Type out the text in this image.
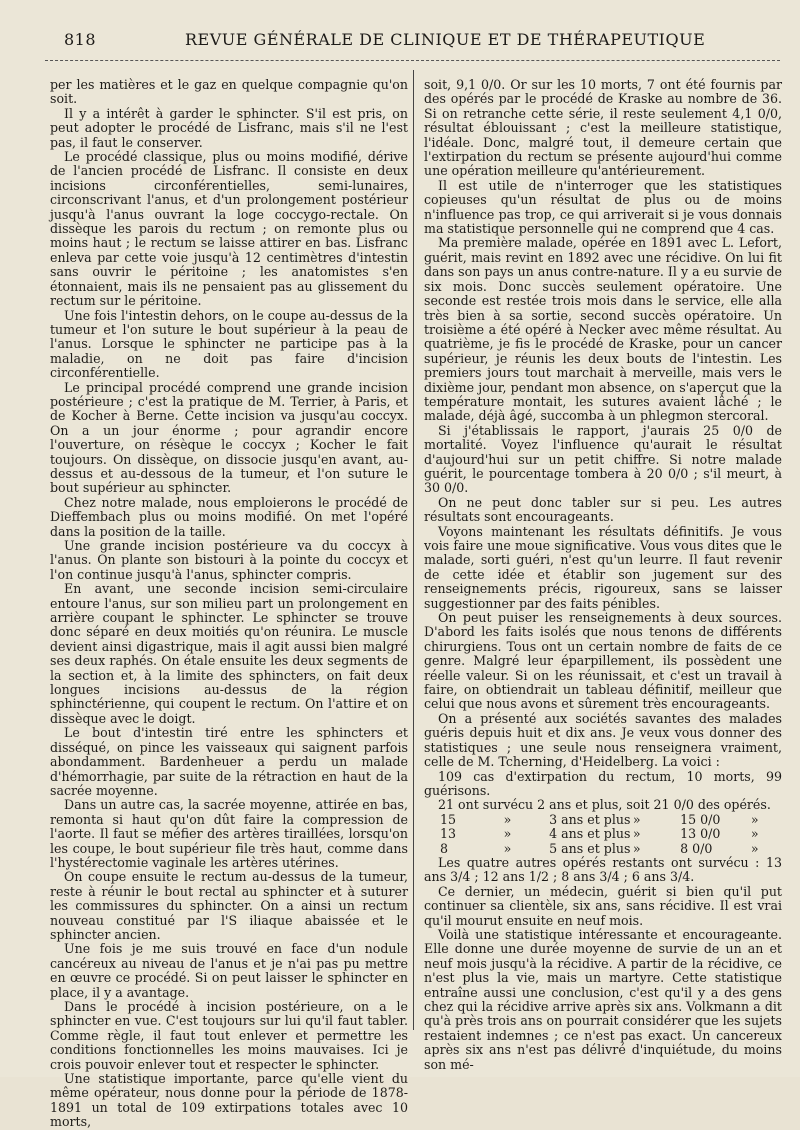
818	REVUE GÉNÉRALE DE CLINIQUE ET DE THÉRAPEUTIQUE

per les matières et le gaz en quelque compagnie qu'on soit.

Il y a intérêt à garder le sphincter. S'il est pris, on peut adopter le procédé de Lisfranc, mais s'il ne l'est pas, il faut le conserver.

Le procédé classique, plus ou moins modifié, dérive de l'ancien procédé de Lisfranc. Il consiste en deux incisions circonférentielles, semi-lunaires, circonscrivant l'anus, et d'un prolongement postérieur jusqu'à l'anus ouvrant la loge coccygo-rectale. On dissèque les parois du rectum ; on remonte plus ou moins haut ; le rectum se laisse attirer en bas. Lisfranc enleva par cette voie jusqu'à 12 centimètres d'intestin sans ouvrir le péritoine ; les anatomistes s'en étonnaient, mais ils ne pensaient pas au glissement du rectum sur le péritoine.

Une fois l'intestin dehors, on le coupe au-dessus de la tumeur et l'on suture le bout supérieur à la peau de l'anus. Lorsque le sphincter ne participe pas à la maladie, on ne doit pas faire d'incision circonférentielle.

Le principal procédé comprend une grande incision postérieure ; c'est la pratique de M. Terrier, à Paris, et de Kocher à Berne. Cette incision va jusqu'au coccyx. On a un jour énorme ; pour agrandir encore l'ouverture, on résèque le coccyx ; Kocher le fait toujours. On dissèque, on dissocie jusqu'en avant, au-dessus et au-dessous de la tumeur, et l'on suture le bout supérieur au sphincter.

Chez notre malade, nous emploierons le procédé de Dieffembach plus ou moins modifié. On met l'opéré dans la position de la taille.

Une grande incision postérieure va du coccyx à l'anus. On plante son bistouri à la pointe du coccyx et l'on continue jusqu'à l'anus, sphincter compris.

En avant, une seconde incision semi-circulaire entoure l'anus, sur son milieu part un prolongement en arrière coupant le sphincter. Le sphincter se trouve donc séparé en deux moitiés qu'on réunira. Le muscle devient ainsi digastrique, mais il agit aussi bien malgré ses deux raphés. On étale ensuite les deux segments de la section et, à la limite des sphincters, on fait deux longues incisions au-dessus de la région sphinctérienne, qui coupent le rectum. On l'attire et on dissèque avec le doigt.

Le bout d'intestin tiré entre les sphincters et disséqué, on pince les vaisseaux qui saignent parfois abondamment. Bardenheuer a perdu un malade d'hémorrhagie, par suite de la rétraction en haut de la sacrée moyenne.

Dans un autre cas, la sacrée moyenne, attirée en bas, remonta si haut qu'on dût faire la compression de l'aorte. Il faut se méfier des artères tiraillées, lorsqu'on les coupe, le bout supérieur file très haut, comme dans l'hystérectomie vaginale les artères utérines.

On coupe ensuite le rectum au-dessus de la tumeur, reste à réunir le bout rectal au sphincter et à suturer les commissures du sphincter. On a ainsi un rectum nouveau constitué par l'S iliaque abaissée et le sphincter ancien.

Une fois je me suis trouvé en face d'un nodule cancéreux au niveau de l'anus et je n'ai pas pu mettre en œuvre ce procédé. Si on peut laisser le sphincter en place, il y a avantage.

Dans le procédé à incision postérieure, on a le sphincter en vue. C'est toujours sur lui qu'il faut tabler. Comme règle, il faut tout enlever et permettre les conditions fonctionnelles les moins mauvaises. Ici je crois pouvoir enlever tout et respecter le sphincter.

Une statistique importante, parce qu'elle vient du même opérateur, nous donne pour la période de 1878-1891 un total de 109 extirpations totales avec 10 morts,

soit, 9,1 0/0. Or sur les 10 morts, 7 ont été fournis par des opérés par le procédé de Kraske au nombre de 36. Si on retranche cette série, il reste seulement 4,1 0/0, résultat éblouissant ; c'est la meilleure statistique, l'idéale. Donc, malgré tout, il demeure certain que l'extirpation du rectum se présente aujourd'hui comme une opération meilleure qu'antérieurement.

Il est utile de n'interroger que les statistiques copieuses qu'un résultat de plus ou de moins n'influence pas trop, ce qui arriverait si je vous donnais ma statistique personnelle qui ne comprend que 4 cas.

Ma première malade, opérée en 1891 avec L. Lefort, guérit, mais revint en 1892 avec une récidive. On lui fit dans son pays un anus contre-nature. Il y a eu survie de six mois. Donc succès seulement opératoire. Une seconde est restée trois mois dans le service, elle alla très bien à sa sortie, second succès opératoire. Un troisième a été opéré à Necker avec même résultat. Au quatrième, je fis le procédé de Kraske, pour un cancer supérieur, je réunis les deux bouts de l'intestin. Les premiers jours tout marchait à merveille, mais vers le dixième jour, pendant mon absence, on s'aperçut que la température montait, les sutures avaient lâché ; le malade, déjà âgé, succomba à un phlegmon stercoral.

Si j'établissais le rapport, j'aurais 25 0/0 de mortalité. Voyez l'influence qu'aurait le résultat d'aujourd'hui sur un petit chiffre. Si notre malade guérit, le pourcentage tombera à 20 0/0 ; s'il meurt, à 30 0/0.

On ne peut donc tabler sur si peu. Les autres résultats sont encourageants.

Voyons maintenant les résultats définitifs. Je vous vois faire une moue significative. Vous vous dites que le malade, sorti guéri, n'est qu'un leurre. Il faut revenir de cette idée et établir son jugement sur des renseignements précis, rigoureux, sans se laisser suggestionner par des faits pénibles.

On peut puiser les renseignements à deux sources. D'abord les faits isolés que nous tenons de différents chirurgiens. Tous ont un certain nombre de faits de ce genre. Malgré leur éparpillement, ils possèdent une réelle valeur. Si on les réunissait, et c'est un travail à faire, on obtiendrait un tableau définitif, meilleur que celui que nous avons et sûrement très encourageants.

On a présenté aux sociétés savantes des malades guéris depuis huit et dix ans. Je veux vous donner des statistiques ; une seule nous renseignera vraiment, celle de M. Tcherning, d'Heidelberg. La voici :

109 cas d'extirpation du rectum, 10 morts, 99 guérisons.

21 ont survécu 2 ans et plus, soit 21 0/0 des opérés.

15	»	3 ans et plus »	15 0/0	»
13	»	4 ans et plus »	13 0/0	»
8	»	5 ans et plus »	8 0/0	»

Les quatre autres opérés restants ont survécu : 13 ans 3/4 ; 12 ans 1/2 ; 8 ans 3/4 ; 6 ans 3/4.

Ce dernier, un médecin, guérit si bien qu'il put continuer sa clientèle, six ans, sans récidive. Il est vrai qu'il mourut ensuite en neuf mois.

Voilà une statistique intéressante et encourageante. Elle donne une durée moyenne de survie de un an et neuf mois jusqu'à la récidive. A partir de la récidive, ce n'est plus la vie, mais un martyre. Cette statistique entraîne aussi une conclusion, c'est qu'il y a des gens chez qui la récidive arrive après six ans. Volkmann a dit qu'à près trois ans on pourrait considérer que les sujets restaient indemnes ; ce n'est pas exact. Un cancereux après six ans n'est pas délivré d'inquiétude, du moins son mé-
